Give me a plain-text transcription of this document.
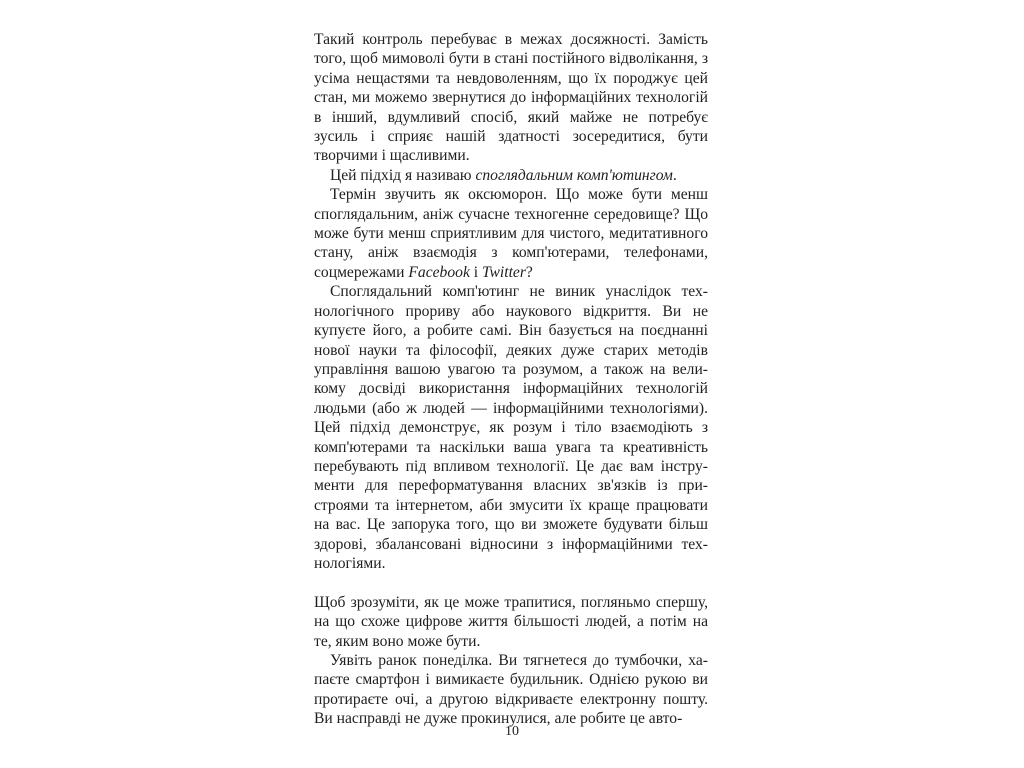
Такий контроль перебуває в межах досяжності. Замість того, щоб мимоволі бути в стані постійного відволікання, з усіма нещастями та невдоволенням, що їх породжує цей стан, ми можемо звернутися до інформаційних технологій в інший, вдумливий спосіб, який майже не потребує зусиль і сприяє нашій здатності зосередитися, бути творчими і щасливими.

Цей підхід я називаю споглядальним комп'ютингом.

Термін звучить як оксюморон. Що може бути менш споглядальним, аніж сучасне техногенне середовище? Що може бути менш сприятливим для чистого, медитативного стану, аніж взаємодія з комп'ютерами, телефонами, соцмережами Facebook і Twitter?

Споглядальний комп'ютинг не виник унаслідок технологічного прориву або наукового відкриття. Ви не купуєте його, а робите самі. Він базується на поєднанні нової науки та філософії, деяких дуже старих методів управління вашою увагою та розумом, а також на великому досвіді використання інформаційних технологій людьми (або ж людей — інформаційними технологіями). Цей підхід демонструє, як розум і тіло взаємодіють з комп'ютерами та наскільки ваша увага та креативність перебувають під впливом технології. Це дає вам інструменти для переформатування власних зв'язків із пристроями та інтернетом, аби змусити їх краще працювати на вас. Це запорука того, що ви зможете будувати більш здорові, збалансовані відносини з інформаційними технологіями.

Щоб зрозуміти, як це може трапитися, погляньмо спершу, на що схоже цифрове життя більшості людей, а потім на те, яким воно може бути.

Уявіть ранок понеділка. Ви тягнетеся до тумбочки, хапаєте смартфон і вимикаєте будильник. Однією рукою ви протираєте очі, а другою відкриваєте електронну пошту. Ви насправді не дуже прокинулися, але робите це авто-

10
